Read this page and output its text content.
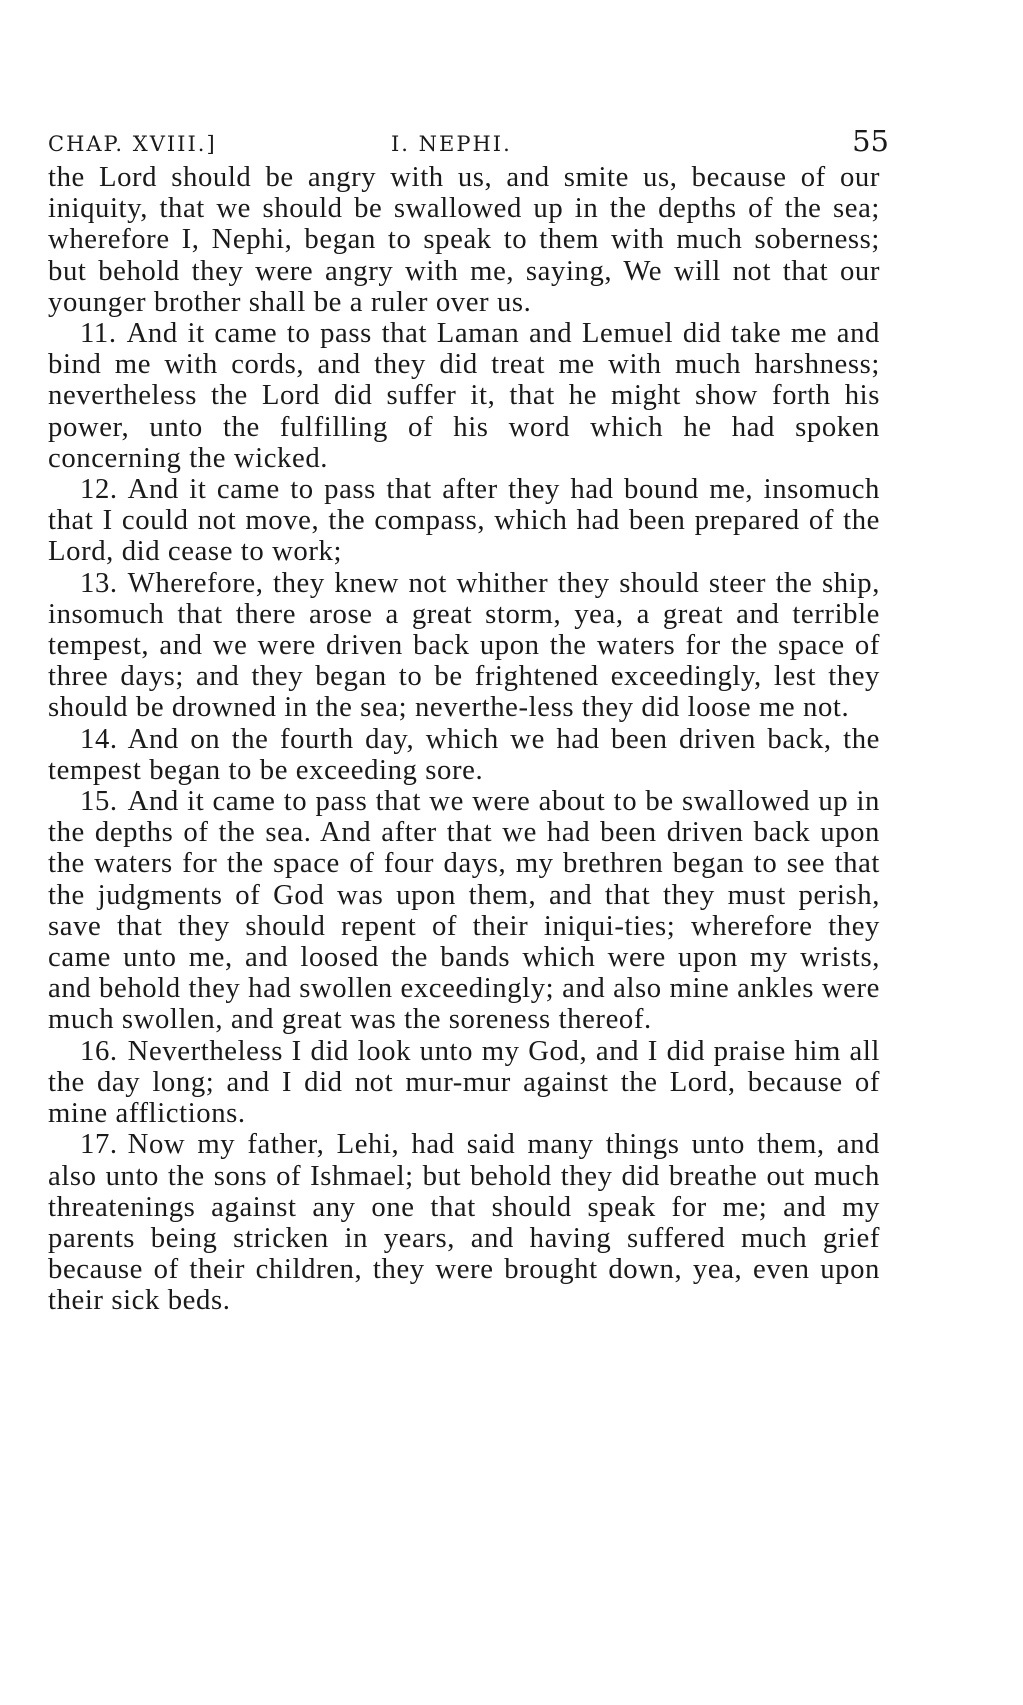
CHAP. XVIII.]	I. NEPHI.	55

the Lord should be angry with us, and smite us, because of our iniquity, that we should be swallowed up in the depths of the sea; wherefore I, Nephi, began to speak to them with much soberness; but behold they were angry with me, saying, We will not that our younger brother shall be a ruler over us.

11. And it came to pass that Laman and Lemuel did take me and bind me with cords, and they did treat me with much harshness; nevertheless the Lord did suffer it, that he might show forth his power, unto the fulfilling of his word which he had spoken concerning the wicked.

12. And it came to pass that after they had bound me, insomuch that I could not move, the compass, which had been prepared of the Lord, did cease to work;

13. Wherefore, they knew not whither they should steer the ship, insomuch that there arose a great storm, yea, a great and terrible tempest, and we were driven back upon the waters for the space of three days; and they began to be frightened exceedingly, lest they should be drowned in the sea; neverthe-less they did loose me not.

14. And on the fourth day, which we had been driven back, the tempest began to be exceeding sore.

15. And it came to pass that we were about to be swallowed up in the depths of the sea. And after that we had been driven back upon the waters for the space of four days, my brethren began to see that the judgments of God was upon them, and that they must perish, save that they should repent of their iniqui-ties; wherefore they came unto me, and loosed the bands which were upon my wrists, and behold they had swollen exceedingly; and also mine ankles were much swollen, and great was the soreness thereof.

16. Nevertheless I did look unto my God, and I did praise him all the day long; and I did not mur-mur against the Lord, because of mine afflictions.

17. Now my father, Lehi, had said many things unto them, and also unto the sons of Ishmael; but behold they did breathe out much threatenings against any one that should speak for me; and my parents being stricken in years, and having suffered much grief because of their children, they were brought down, yea, even upon their sick beds.
